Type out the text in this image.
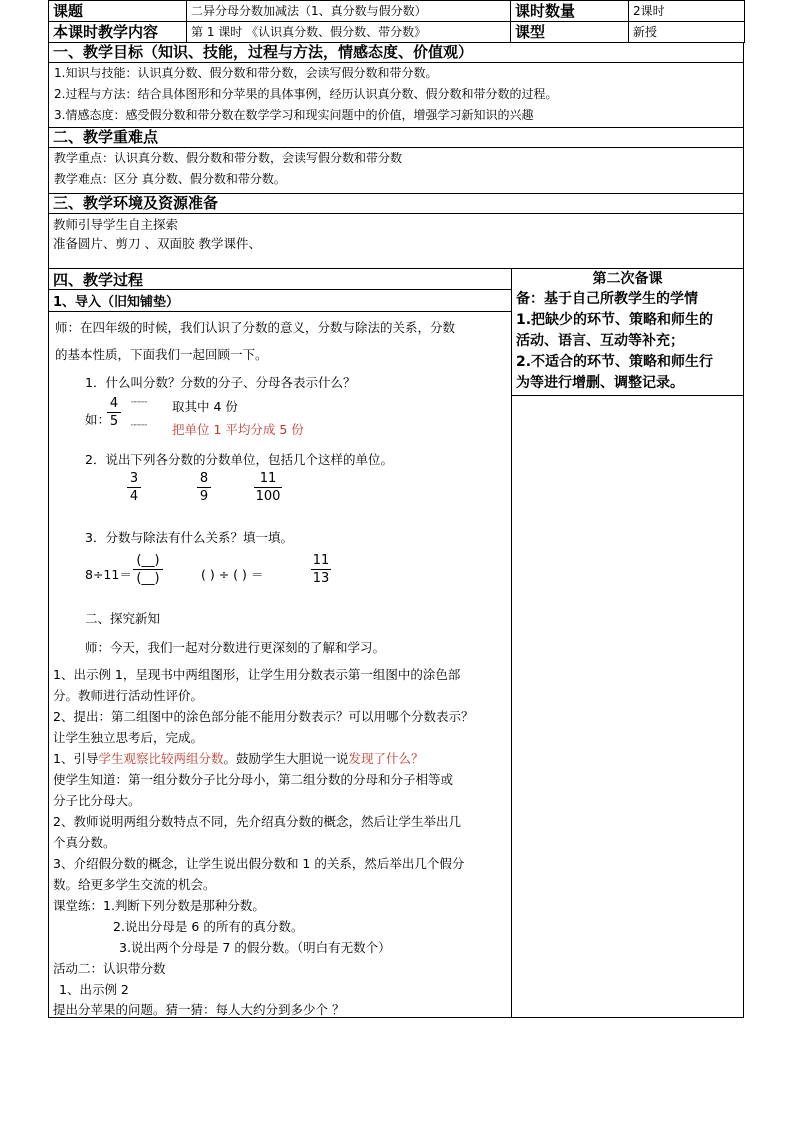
课题	二异分母分数加减法（1、真分数与假分数）	课时数量	2课时
本课时教学内容	第 1 课时 《认识真分数、假分数、带分数》	课型	新授
一、教学目标（知识、技能，过程与方法，情感态度、价值观）
1.知识与技能：认识真分数、假分数和带分数，会读写假分数和带分数。
2.过程与方法：结合具体图形和分苹果的具体事例，经历认识真分数、假分数和带分数的过程。
3.情感态度：感受假分数和带分数在数学学习和现实问题中的价值，增强学习新知识的兴趣
二、教学重难点
教学重点：认识真分数、假分数和带分数，会读写假分数和带分数
教学难点：区分 真分数、假分数和带分数。
三、教学环境及资源准备
教师引导学生自主探索
准备圆片、剪刀 、双面胶 教学课件、
四、教学过程
1、导入（旧知铺垫）
师：在四年级的时候，我们认识了分数的意义，分数与除法的关系，分数
的基本性质，下面我们一起回顾一下。
1．什么叫分数？分数的分子、分母各表示什么？
如：
4
5
┈┈┈
┈┈┈
取其中 4 份
把单位 1 平均分成 5 份
2．说出下列各分数的分数单位，包括几个这样的单位。
3
4
8
9
11
100
3．分数与除法有什么关系？填一填。
8÷11＝
(__)
(__)	( ) ÷ ( ) ＝
11
13
二、探究新知
师：今天，我们一起对分数进行更深刻的了解和学习。
1、出示例 1，呈现书中两组图形，让学生用分数表示第一组图中的涂色部
分。教师进行活动性评价。
2、提出：第二组图中的涂色部分能不能用分数表示？可以用哪个分数表示？
让学生独立思考后，完成。
1、引导学生观察比较两组分数。鼓励学生大胆说一说发现了什么？
使学生知道：第一组分数分子比分母小，第二组分数的分母和分子相等或
分子比分母大。
2、教师说明两组分数特点不同，先介绍真分数的概念，然后让学生举出几
个真分数。
3、介绍假分数的概念，让学生说出假分数和 1 的关系，然后举出几个假分
数。给更多学生交流的机会。
课堂练：1.判断下列分数是那种分数。
2.说出分母是 6 的所有的真分数。
3.说出两个分母是 7 的假分数。（明白有无数个）
活动二：认识带分数
1、出示例 2
提出分苹果的问题。猜一猜：每人大约分到多少个 ？
第二次备课
备：基于自己所教学生的学情
1.把缺少的环节、策略和师生的
活动、语言、互动等补充；
2.不适合的环节、策略和师生行
为等进行增删、调整记录。
